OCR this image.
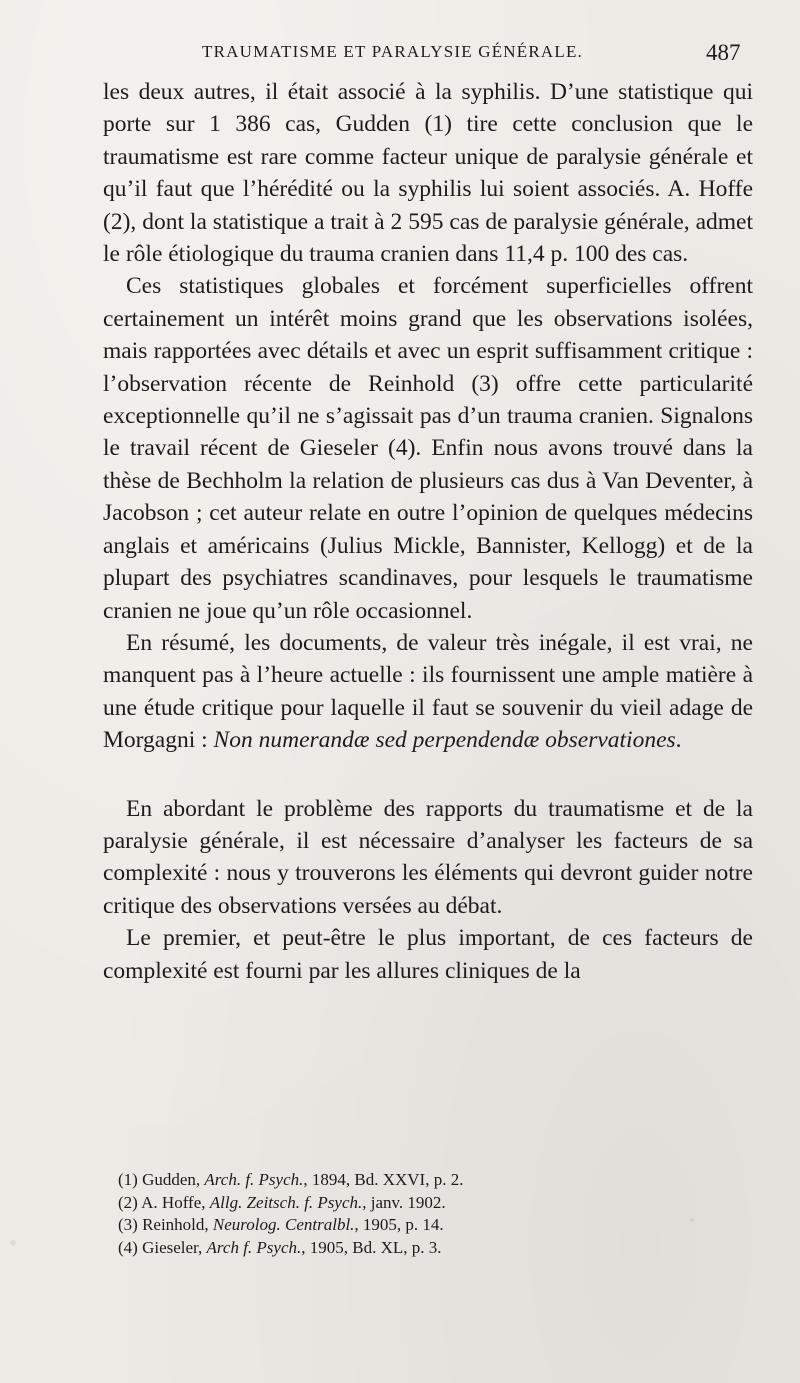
TRAUMATISME ET PARALYSIE GÉNÉRALE.	487

les deux autres, il était associé à la syphilis. D’une statistique qui porte sur 1 386 cas, Gudden (1) tire cette conclusion que le traumatisme est rare comme facteur unique de paralysie générale et qu’il faut que l’hérédité ou la syphilis lui soient associés. A. Hoffe (2), dont la statistique a trait à 2 595 cas de paralysie générale, admet le rôle étiologique du trauma cranien dans 11,4 p. 100 des cas.

Ces statistiques globales et forcément superficielles offrent certainement un intérêt moins grand que les observations isolées, mais rapportées avec détails et avec un esprit suffisamment critique : l’observation récente de Reinhold (3) offre cette particularité exceptionnelle qu’il ne s’agissait pas d’un trauma cranien. Signalons le travail récent de Gieseler (4). Enfin nous avons trouvé dans la thèse de Bechholm la relation de plusieurs cas dus à Van Deventer, à Jacobson ; cet auteur relate en outre l’opinion de quelques médecins anglais et américains (Julius Mickle, Bannister, Kellogg) et de la plupart des psychiatres scandinaves, pour lesquels le traumatisme cranien ne joue qu’un rôle occasionnel.

En résumé, les documents, de valeur très inégale, il est vrai, ne manquent pas à l’heure actuelle : ils fournissent une ample matière à une étude critique pour laquelle il faut se souvenir du vieil adage de Morgagni : Non numerandæ sed perpendendæ observationes.

En abordant le problème des rapports du traumatisme et de la paralysie générale, il est nécessaire d’analyser les facteurs de sa complexité : nous y trouverons les éléments qui devront guider notre critique des observations versées au débat.

Le premier, et peut-être le plus important, de ces facteurs de complexité est fourni par les allures cliniques de la

(1) Gudden, Arch. f. Psych., 1894, Bd. XXVI, p. 2.
(2) A. Hoffe, Allg. Zeitsch. f. Psych., janv. 1902.
(3) Reinhold, Neurolog. Centralbl., 1905, p. 14.
(4) Gieseler, Arch f. Psych., 1905, Bd. XL, p. 3.
